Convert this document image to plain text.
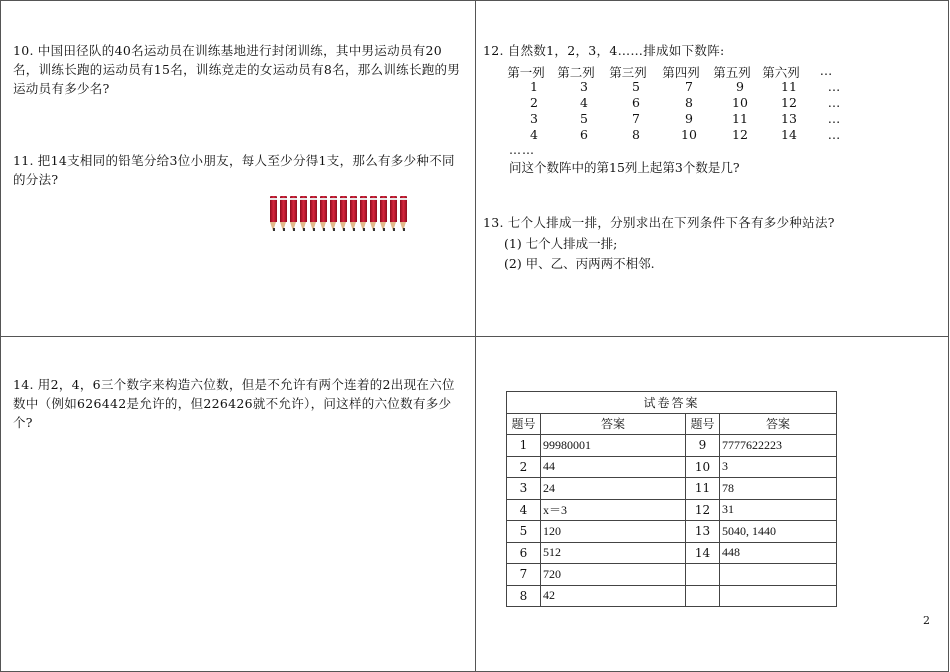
10. 中国田径队的40名运动员在训练基地进行封闭训练，其中男运动员有20名，训练长跑的运动员有15名，训练竞走的女运动员有8名，那么训练长跑的男运动员有多少名?
11. 把14支相同的铅笔分给3位小朋友，每人至少分得1支，那么有多少种不同的分法?
12. 自然数1，2，3，4……排成如下数阵:
第一列 第二列	第三列	第四列	第五列 第六列	…
1	3	5	7	9	11	…
2	4	6	8	10	12	…
3	5	7	9	11	13	…
4	6	8	10	12	14	…
……
问这个数阵中的第15列上起第3个数是几?
13. 七个人排成一排，分别求出在下列条件下各有多少种站法?
(1) 七个人排成一排;
(2) 甲、乙、丙两两不相邻.
14. 用2，4，6三个数字来构造六位数，但是不允许有两个连着的2出现在六位数中（例如626442是允许的，但226426就不允许），问这样的六位数有多少个?
试卷答案			
题号	答案	题号	答案
1	99980001	9	7777622223
2	44	10	3
3	24	11	78
4	x＝3	12	31
5	120	13	5040, 1440
6	512	14	448
7	720		
8	42		
2
